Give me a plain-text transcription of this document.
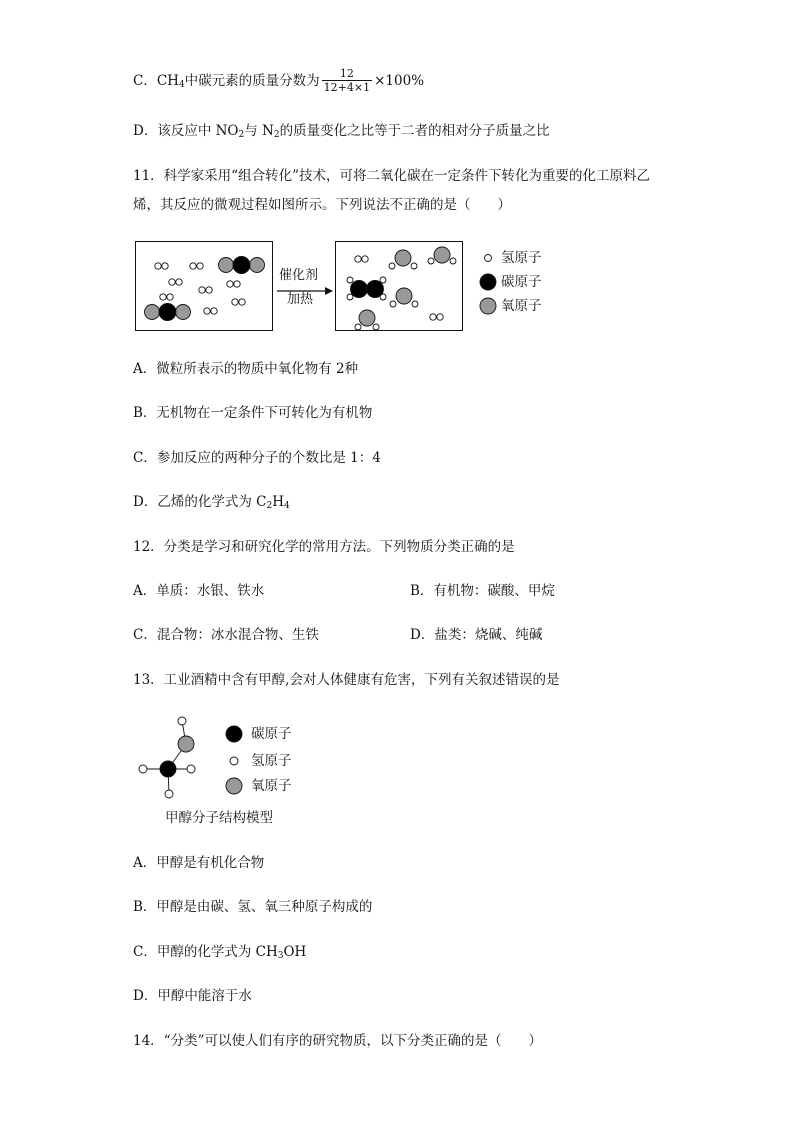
C．$CH_4$中碳元素的质量分数为 $\frac{12}{12+4\times 1} \times 100\%$
D．该反应中 $NO_2$与 $N_2$的质量变化之比等于二者的相对分子质量之比
11．科学家采用“组合转化”技术，可将二氧化碳在一定条件下转化为重要的化工原料乙
烯，其反应的微观过程如图所示。下列说法不正确的是（　　）
催化剂
加热
氢原子
碳原子
氧原子
A．微粒所表示的物质中氧化物有 2种
B．无机物在一定条件下可转化为有机物
C．参加反应的两种分子的个数比是 1：4
D．乙烯的化学式为 $C_2H_4$
12．分类是学习和研究化学的常用方法。下列物质分类正确的是
A．单质：水银、铁水	B．有机物：碳酸、甲烷
C．混合物：冰水混合物、生铁	D．盐类：烧碱、纯碱
13．工业酒精中含有甲醇,会对人体健康有危害，下列有关叙述错误的是
碳原子
氢原子
氧原子
甲醇分子结构模型
A．甲醇是有机化合物
B．甲醇是由碳、氢、氧三种原子构成的
C．甲醇的化学式为 $CH_3OH$
D．甲醇中能溶于水
14．“分类”可以使人们有序的研究物质，以下分类正确的是（　　）
